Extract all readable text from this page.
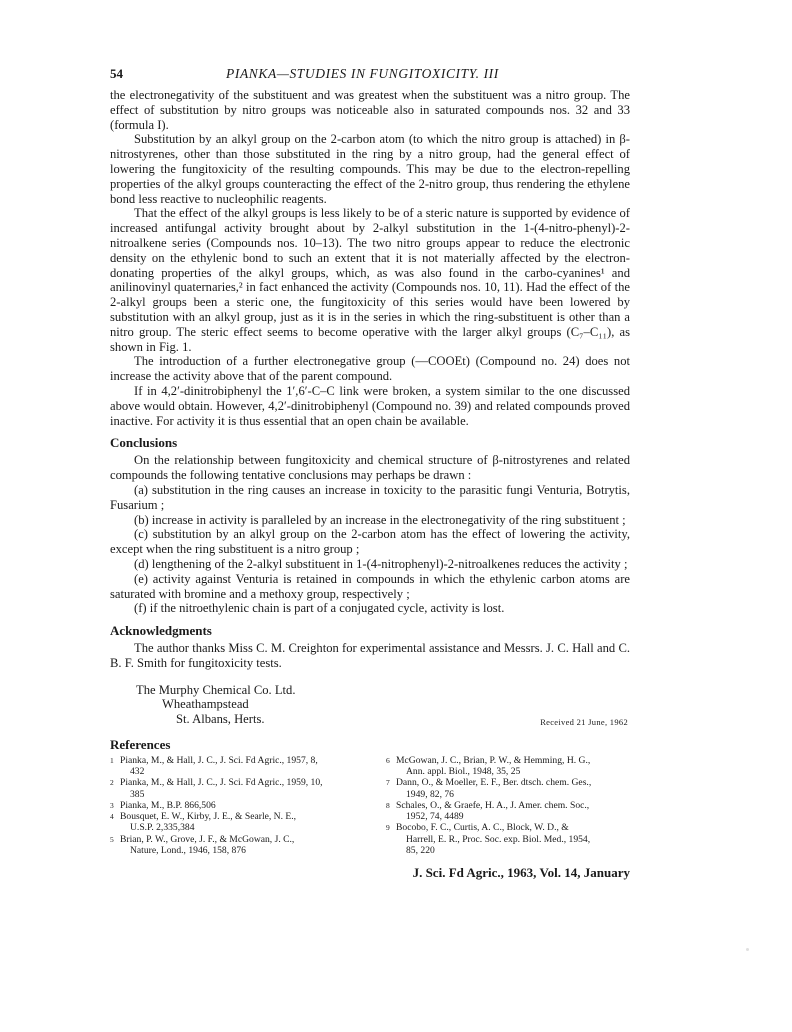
54	PIANKA—STUDIES IN FUNGITOXICITY. III

the electronegativity of the substituent and was greatest when the substituent was a nitro group. The effect of substitution by nitro groups was noticeable also in saturated compounds nos. 32 and 33 (formula I).

Substitution by an alkyl group on the 2-carbon atom (to which the nitro group is attached) in β-nitrostyrenes, other than those substituted in the ring by a nitro group, had the general effect of lowering the fungitoxicity of the resulting compounds. This may be due to the electron-repelling properties of the alkyl groups counteracting the effect of the 2-nitro group, thus rendering the ethylene bond less reactive to nucleophilic reagents.

That the effect of the alkyl groups is less likely to be of a steric nature is supported by evidence of increased antifungal activity brought about by 2-alkyl substitution in the 1-(4-nitro-phenyl)-2-nitroalkene series (Compounds nos. 10–13). The two nitro groups appear to reduce the electronic density on the ethylenic bond to such an extent that it is not materially affected by the electron-donating properties of the alkyl groups, which, as was also found in the carbo-cyanines¹ and anilinovinyl quaternaries,² in fact enhanced the activity (Compounds nos. 10, 11). Had the effect of the 2-alkyl groups been a steric one, the fungitoxicity of this series would have been lowered by substitution with an alkyl group, just as it is in the series in which the ring-substituent is other than a nitro group. The steric effect seems to become operative with the larger alkyl groups (C₇–C₁₁), as shown in Fig. 1.

The introduction of a further electronegative group (—COOEt) (Compound no. 24) does not increase the activity above that of the parent compound.

If in 4,2′-dinitrobiphenyl the 1′,6′-C–C link were broken, a system similar to the one discussed above would obtain. However, 4,2′-dinitrobiphenyl (Compound no. 39) and related compounds proved inactive. For activity it is thus essential that an open chain be available.

Conclusions

On the relationship between fungitoxicity and chemical structure of β-nitrostyrenes and related compounds the following tentative conclusions may perhaps be drawn :

(a) substitution in the ring causes an increase in toxicity to the parasitic fungi Venturia, Botrytis, Fusarium ;

(b) increase in activity is paralleled by an increase in the electronegativity of the ring substituent ;

(c) substitution by an alkyl group on the 2-carbon atom has the effect of lowering the activity, except when the ring substituent is a nitro group ;

(d) lengthening of the 2-alkyl substituent in 1-(4-nitrophenyl)-2-nitroalkenes reduces the activity ;

(e) activity against Venturia is retained in compounds in which the ethylenic carbon atoms are saturated with bromine and a methoxy group, respectively ;

(f) if the nitroethylenic chain is part of a conjugated cycle, activity is lost.

Acknowledgments

The author thanks Miss C. M. Creighton for experimental assistance and Messrs. J. C. Hall and C. B. F. Smith for fungitoxicity tests.

The Murphy Chemical Co. Ltd.
Wheathampstead
St. Albans, Herts.	Received 21 June, 1962
References
1 Pianka, M., & Hall, J. C., J. Sci. Fd Agric., 1957, 8,
432
2 Pianka, M., & Hall, J. C., J. Sci. Fd Agric., 1959, 10,
385
3 Pianka, M., B.P. 866,506
4 Bousquet, E. W., Kirby, J. E., & Searle, N. E.,
U.S.P. 2,335,384
5 Brian, P. W., Grove, J. F., & McGowan, J. C.,
Nature, Lond., 1946, 158, 876
6 McGowan, J. C., Brian, P. W., & Hemming, H. G.,
Ann. appl. Biol., 1948, 35, 25
7 Dann, O., & Moeller, E. F., Ber. dtsch. chem. Ges.,
1949, 82, 76
8 Schales, O., & Graefe, H. A., J. Amer. chem. Soc.,
1952, 74, 4489
9 Bocobo, F. C., Curtis, A. C., Block, W. D., &
Harrell, E. R., Proc. Soc. exp. Biol. Med., 1954,
85, 220
J. Sci. Fd Agric., 1963, Vol. 14, January
